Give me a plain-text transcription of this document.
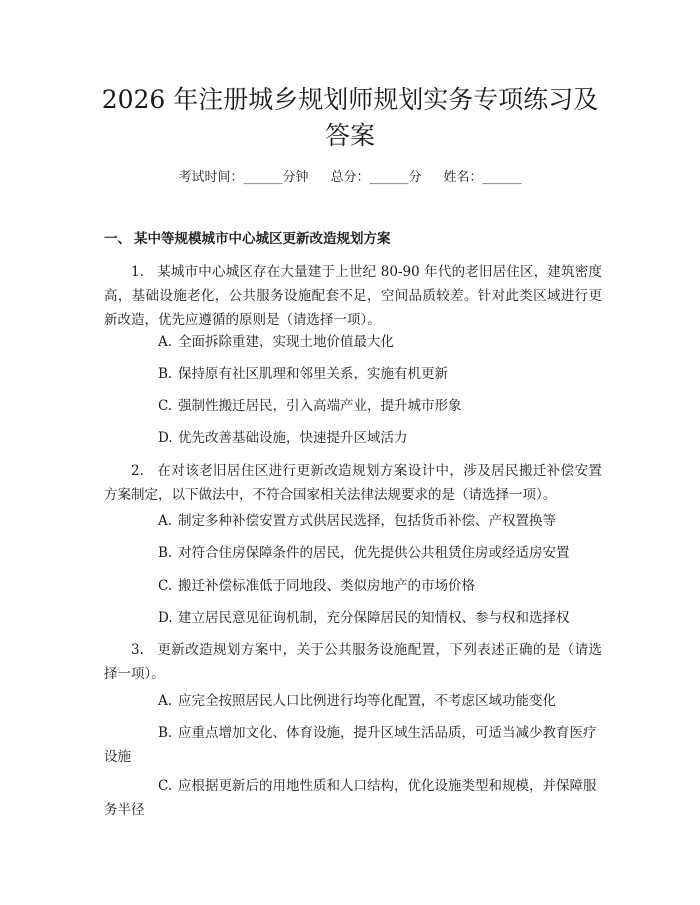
2026 年注册城乡规划师规划实务专项练习及答案
考试时间：______分钟 总分：______分 姓名：______
一、 某中等规模城市中心城区更新改造规划方案

1. 某城市中心城区存在大量建于上世纪 80-90 年代的老旧居住区，建筑密度高，基础设施老化，公共服务设施配套不足，空间品质较差。针对此类区域进行更新改造，优先应遵循的原则是（请选择一项）。

A. 全面拆除重建，实现土地价值最大化

B. 保持原有社区肌理和邻里关系，实施有机更新

C. 强制性搬迁居民，引入高端产业，提升城市形象

D. 优先改善基础设施，快速提升区域活力

2. 在对该老旧居住区进行更新改造规划方案设计中，涉及居民搬迁补偿安置方案制定，以下做法中，不符合国家相关法律法规要求的是（请选择一项）。

A. 制定多种补偿安置方式供居民选择，包括货币补偿、产权置换等

B. 对符合住房保障条件的居民，优先提供公共租赁住房或经适房安置

C. 搬迁补偿标准低于同地段、类似房地产的市场价格

D. 建立居民意见征询机制，充分保障居民的知情权、参与权和选择权

3. 更新改造规划方案中，关于公共服务设施配置，下列表述正确的是（请选择一项）。

A. 应完全按照居民人口比例进行均等化配置，不考虑区域功能变化

B. 应重点增加文化、体育设施，提升区域生活品质，可适当减少教育医疗设施

C. 应根据更新后的用地性质和人口结构，优化设施类型和规模，并保障服务半径
